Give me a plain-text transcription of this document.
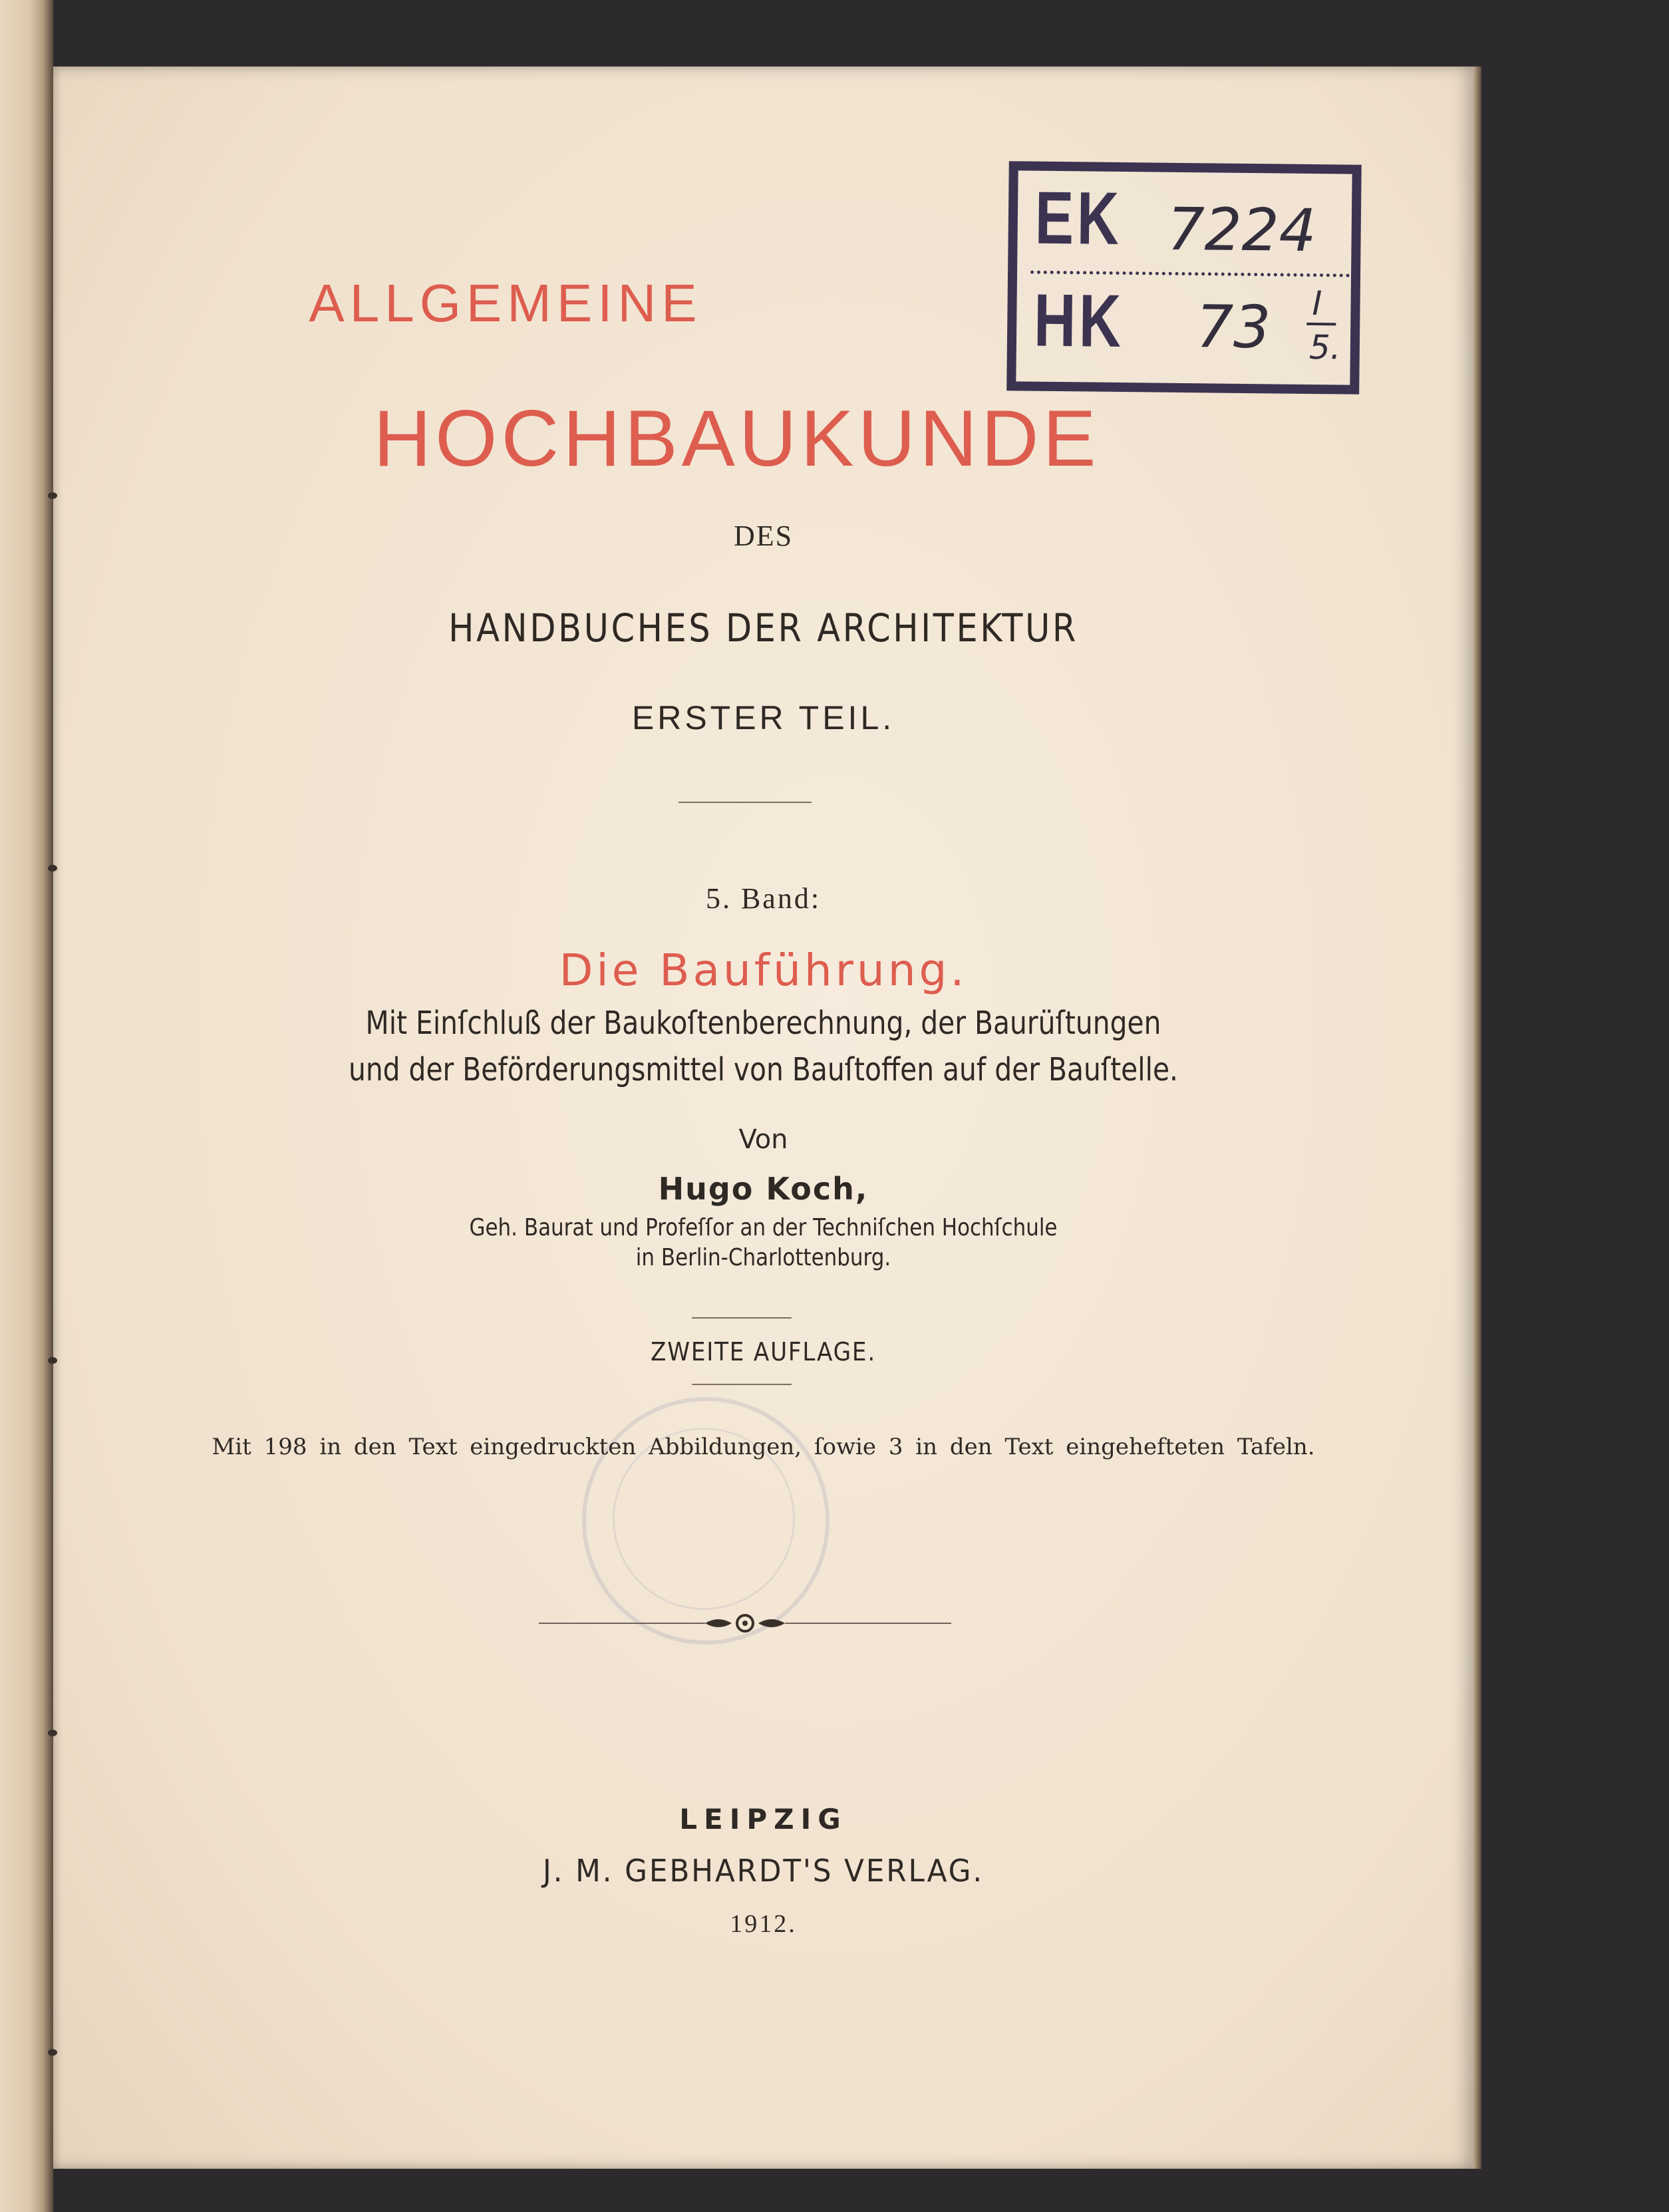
ALLGEMEINE
HOCHBAUKUNDE
DES
HANDBUCHES DER ARCHITEKTUR
ERSTER TEIL.
5. Band:
Die Bauführung.
Mit Einſchluß der Baukoſtenberechnung, der Baurüſtungen
und der Beförderungsmittel von Bauſtoffen auf der Bauſtelle.
Von
Hugo Koch,
Geh. Baurat und Profeſſor an der Techniſchen Hochſchule
in Berlin-Charlottenburg.
ZWEITE AUFLAGE.
Mit 198 in den Text eingedruckten Abbildungen, ſowie 3 in den Text eingehefteten Tafeln.
LEIPZIG
J. M. GEBHARDT'S VERLAG.
1912.
EK 7224
HK 73 I
5.
